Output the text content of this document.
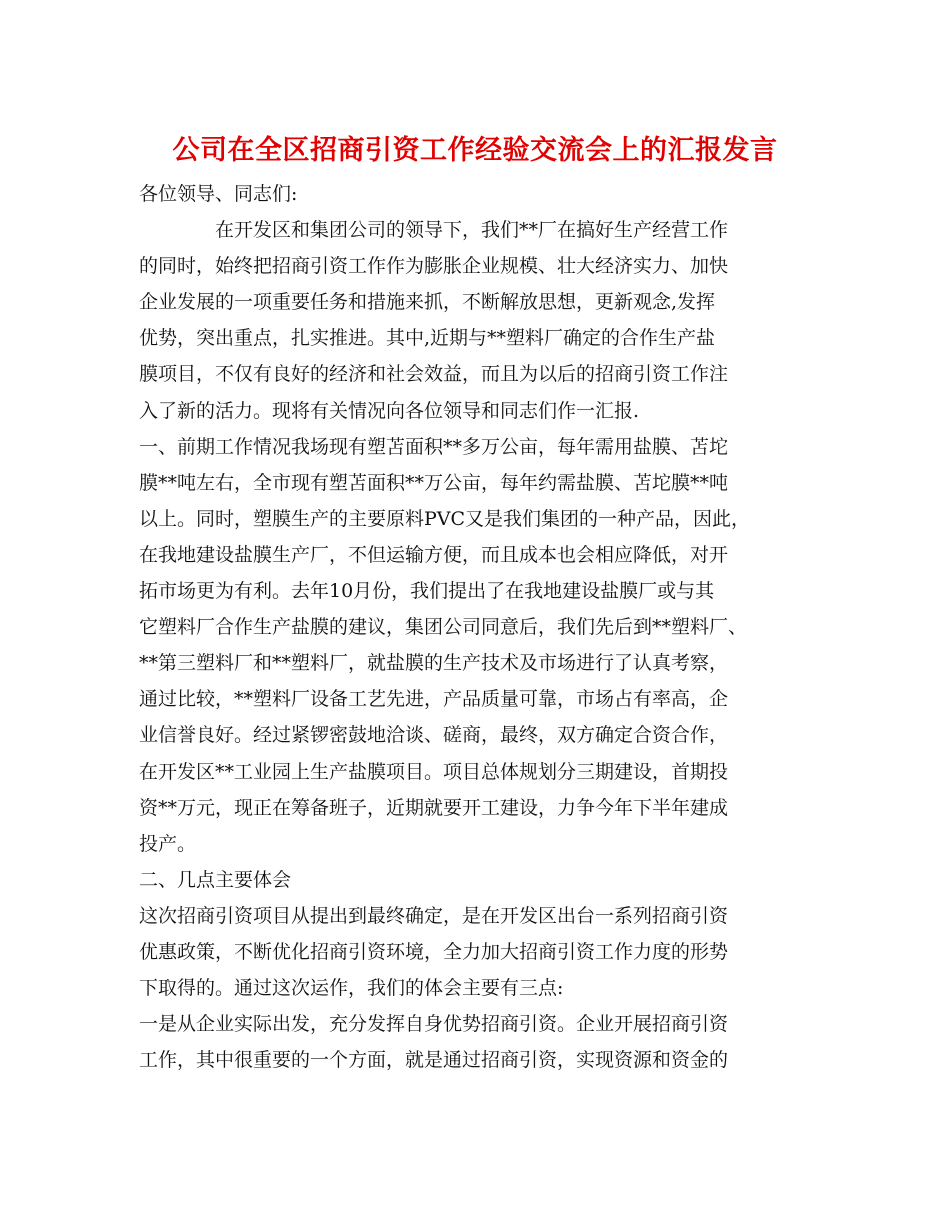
公司在全区招商引资工作经验交流会上的汇报发言
各位领导、同志们:
在开发区和集团公司的领导下，我们**厂在搞好生产经营工作
的同时，始终把招商引资工作作为膨胀企业规模、壮大经济实力、加快
企业发展的一项重要任务和措施来抓，不断解放思想，更新观念,发挥
优势，突出重点，扎实推进。其中,近期与**塑料厂确定的合作生产盐
膜项目，不仅有良好的经济和社会效益，而且为以后的招商引资工作注
入了新的活力。现将有关情况向各位领导和同志们作一汇报.
一、前期工作情况我场现有塑苫面积**多万公亩，每年需用盐膜、苫坨
膜**吨左右，全市现有塑苫面积**万公亩，每年约需盐膜、苫坨膜**吨
以上。同时，塑膜生产的主要原料PVC又是我们集团的一种产品，因此，
在我地建设盐膜生产厂，不但运输方便，而且成本也会相应降低，对开
拓市场更为有利。去年10月份，我们提出了在我地建设盐膜厂或与其
它塑料厂合作生产盐膜的建议，集团公司同意后，我们先后到**塑料厂、
**第三塑料厂和**塑料厂，就盐膜的生产技术及市场进行了认真考察，
通过比较，**塑料厂设备工艺先进，产品质量可靠，市场占有率高，企
业信誉良好。经过紧锣密鼓地洽谈、磋商，最终，双方确定合资合作，
在开发区**工业园上生产盐膜项目。项目总体规划分三期建设，首期投
资**万元，现正在筹备班子，近期就要开工建设，力争今年下半年建成
投产。
二、几点主要体会
这次招商引资项目从提出到最终确定，是在开发区出台一系列招商引资
优惠政策，不断优化招商引资环境，全力加大招商引资工作力度的形势
下取得的。通过这次运作，我们的体会主要有三点:
一是从企业实际出发，充分发挥自身优势招商引资。企业开展招商引资
工作，其中很重要的一个方面，就是通过招商引资，实现资源和资金的
